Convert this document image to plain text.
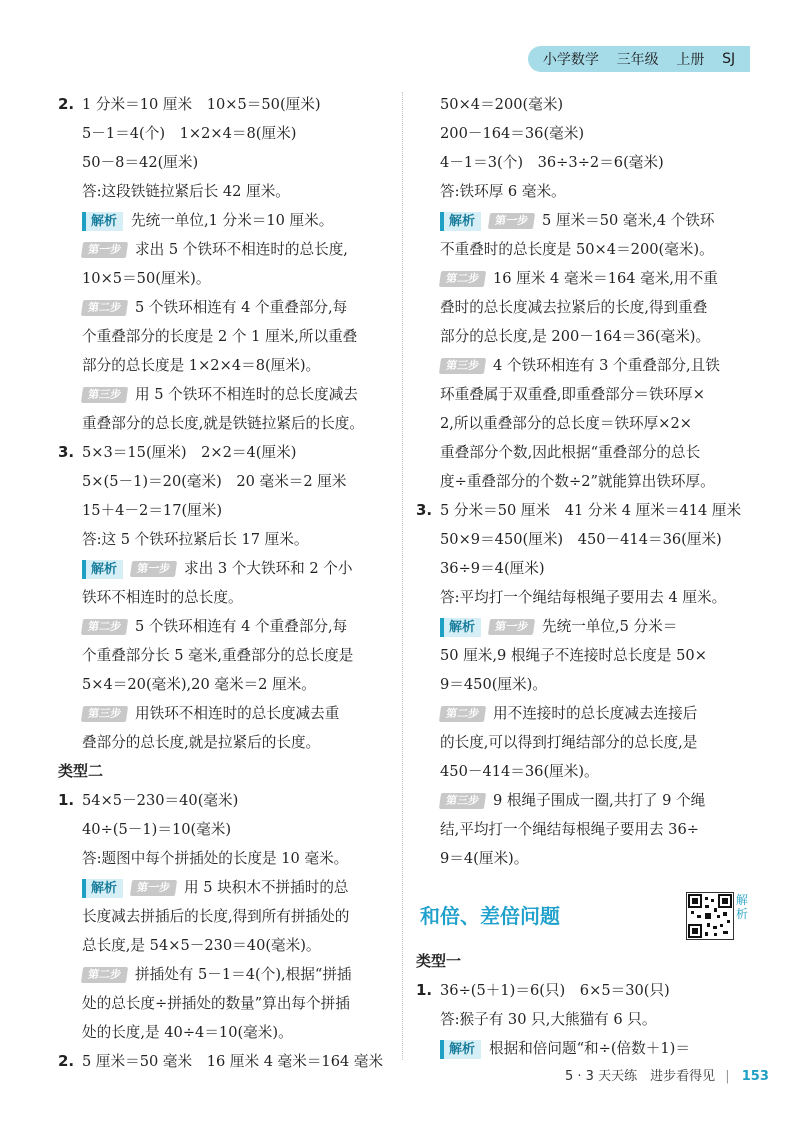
小学数学 三年级 上册 SJ
2. 1 分米＝10 厘米　10×5＝50(厘米)
5－1＝4(个)　1×2×4＝8(厘米)
50－8＝42(厘米)
答:这段铁链拉紧后长 42 厘米。
解析 先统一单位,1 分米＝10 厘米。
第一步 求出 5 个铁环不相连时的总长度,
10×5＝50(厘米)。
第二步 5 个铁环相连有 4 个重叠部分,每
个重叠部分的长度是 2 个 1 厘米,所以重叠
部分的总长度是 1×2×4＝8(厘米)。
第三步 用 5 个铁环不相连时的总长度减去
重叠部分的总长度,就是铁链拉紧后的长度。
3. 5×3＝15(厘米)　2×2＝4(厘米)
5×(5－1)＝20(毫米)　20 毫米＝2 厘米
15＋4－2＝17(厘米)
答:这 5 个铁环拉紧后长 17 厘米。
解析 第一步 求出 3 个大铁环和 2 个小
铁环不相连时的总长度。
第二步 5 个铁环相连有 4 个重叠部分,每
个重叠部分长 5 毫米,重叠部分的总长度是
5×4＝20(毫米),20 毫米＝2 厘米。
第三步 用铁环不相连时的总长度减去重
叠部分的总长度,就是拉紧后的长度。
类型二
1. 54×5－230＝40(毫米)
40÷(5－1)＝10(毫米)
答:题图中每个拼插处的长度是 10 毫米。
解析 第一步 用 5 块积木不拼插时的总
长度减去拼插后的长度,得到所有拼插处的
总长度,是 54×5－230＝40(毫米)。
第二步 拼插处有 5－1＝4(个),根据“拼插
处的总长度÷拼插处的数量”算出每个拼插
处的长度,是 40÷4＝10(毫米)。
2. 5 厘米＝50 毫米　16 厘米 4 毫米＝164 毫米
50×4＝200(毫米)
200－164＝36(毫米)
4－1＝3(个)　36÷3÷2＝6(毫米)
答:铁环厚 6 毫米。
解析 第一步 5 厘米＝50 毫米,4 个铁环
不重叠时的总长度是 50×4＝200(毫米)。
第二步 16 厘米 4 毫米＝164 毫米,用不重
叠时的总长度减去拉紧后的长度,得到重叠
部分的总长度,是 200－164＝36(毫米)。
第三步 4 个铁环相连有 3 个重叠部分,且铁
环重叠属于双重叠,即重叠部分＝铁环厚×
2,所以重叠部分的总长度＝铁环厚×2×
重叠部分个数,因此根据“重叠部分的总长
度÷重叠部分的个数÷2”就能算出铁环厚。
3. 5 分米＝50 厘米　41 分米 4 厘米＝414 厘米
50×9＝450(厘米)　450－414＝36(厘米)
36÷9＝4(厘米)
答:平均打一个绳结每根绳子要用去 4 厘米。
解析 第一步 先统一单位,5 分米＝
50 厘米,9 根绳子不连接时总长度是 50×
9＝450(厘米)。
第二步 用不连接时的总长度减去连接后
的长度,可以得到打绳结部分的总长度,是
450－414＝36(厘米)。
第三步 9 根绳子围成一圈,共打了 9 个绳
结,平均打一个绳结每根绳子要用去 36÷
9＝4(厘米)。
和倍、差倍问题
解析
类型一
1. 36÷(5＋1)＝6(只)　6×5＝30(只)
答:猴子有 30 只,大熊猫有 6 只。
解析 根据和倍问题“和÷(倍数＋1)＝
5 · 3 天天练　进步看得见 | 153
